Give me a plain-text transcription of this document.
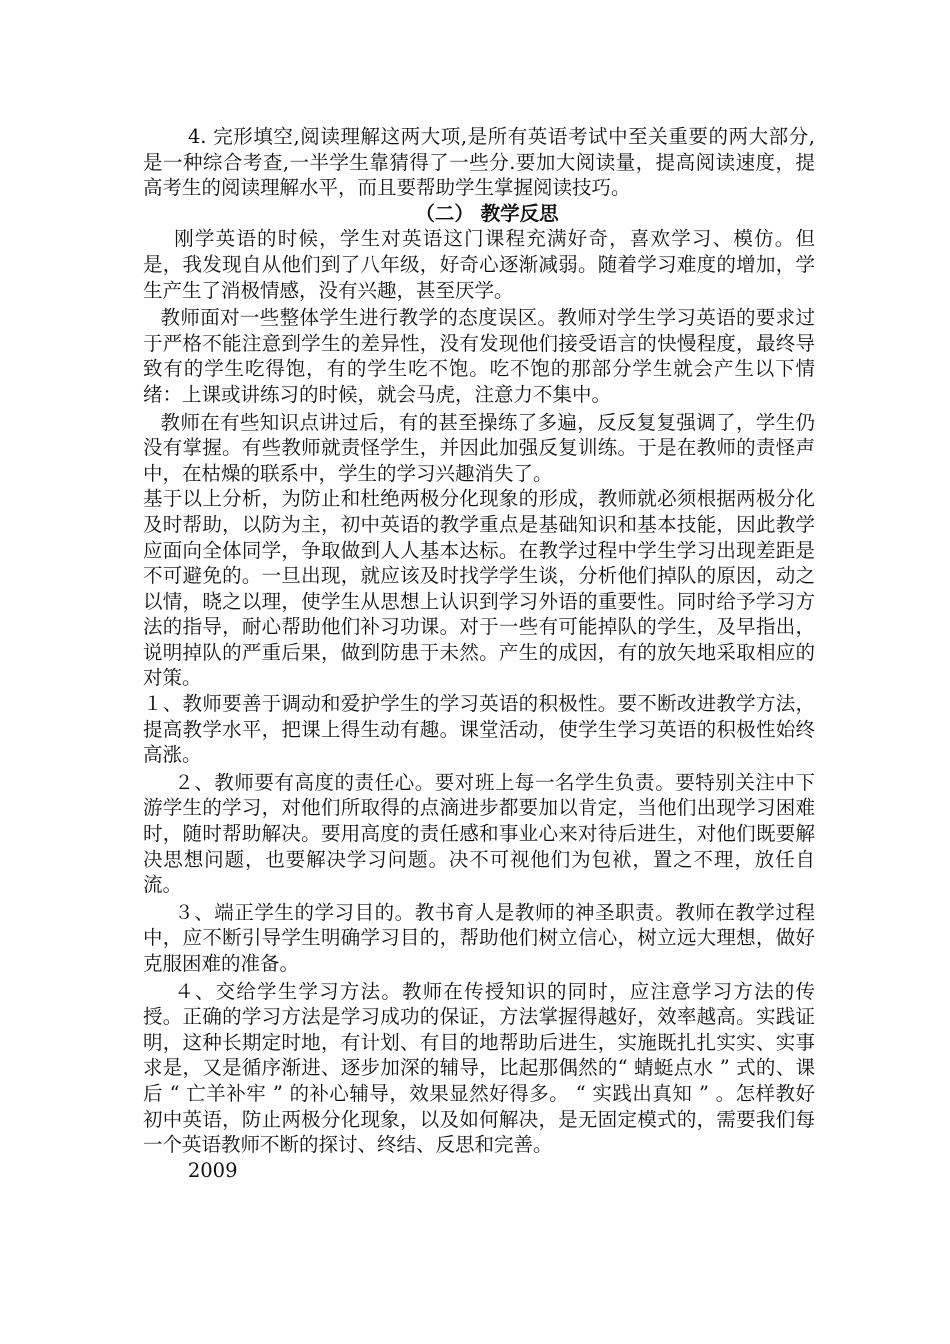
4. 完形填空,阅读理解这两大项,是所有英语考试中至关重要的两大部分,是一种综合考查,一半学生靠猜得了一些分.要加大阅读量，提高阅读速度，提高考生的阅读理解水平，而且要帮助学生掌握阅读技巧。

（二） 教学反思

刚学英语的时候，学生对英语这门课程充满好奇，喜欢学习、模仿。但是，我发现自从他们到了八年级，好奇心逐渐减弱。随着学习难度的增加，学生产生了消极情感，没有兴趣，甚至厌学。

教师面对一些整体学生进行教学的态度误区。教师对学生学习英语的要求过于严格不能注意到学生的差异性，没有发现他们接受语言的快慢程度，最终导致有的学生吃得饱，有的学生吃不饱。吃不饱的那部分学生就会产生以下情绪：上课或讲练习的时候，就会马虎，注意力不集中。

教师在有些知识点讲过后，有的甚至操练了多遍，反反复复强调了，学生仍没有掌握。有些教师就责怪学生，并因此加强反复训练。于是在教师的责怪声中，在枯燥的联系中，学生的学习兴趣消失了。

基于以上分析，为防止和杜绝两极分化现象的形成，教师就必须根据两极分化及时帮助，以防为主，初中英语的教学重点是基础知识和基本技能，因此教学应面向全体同学，争取做到人人基本达标。在教学过程中学生学习出现差距是不可避免的。一旦出现，就应该及时找学学生谈，分析他们掉队的原因，动之以情，晓之以理，使学生从思想上认识到学习外语的重要性。同时给予学习方法的指导，耐心帮助他们补习功课。对于一些有可能掉队的学生，及早指出，说明掉队的严重后果，做到防患于未然。产生的成因，有的放矢地采取相应的对策。

１、教师要善于调动和爱护学生的学习英语的积极性。要不断改进教学方法，提高教学水平，把课上得生动有趣。课堂活动，使学生学习英语的积极性始终高涨。

２、教师要有高度的责任心。要对班上每一名学生负责。要特别关注中下游学生的学习，对他们所取得的点滴进步都要加以肯定，当他们出现学习困难时，随时帮助解决。要用高度的责任感和事业心来对待后进生，对他们既要解决思想问题，也要解决学习问题。决不可视他们为包袱，置之不理，放任自流。

３、端正学生的学习目的。教书育人是教师的神圣职责。教师在教学过程中，应不断引导学生明确学习目的，帮助他们树立信心，树立远大理想，做好克服困难的准备。

４、交给学生学习方法。教师在传授知识的同时，应注意学习方法的传授。正确的学习方法是学习成功的保证，方法掌握得越好，效率越高。实践证明，这种长期定时地，有计划、有目的地帮助后进生，实施既扎扎实实、实事求是，又是循序渐进、逐步加深的辅导，比起那偶然的“ 蜻蜓点水 ” 式的、课后 “ 亡羊补牢 ” 的补心辅导，效果显然好得多。 “ 实践出真知 ” 。怎样教好初中英语，防止两极分化现象，以及如何解决，是无固定模式的，需要我们每一个英语教师不断的探讨、终结、反思和完善。

2009
